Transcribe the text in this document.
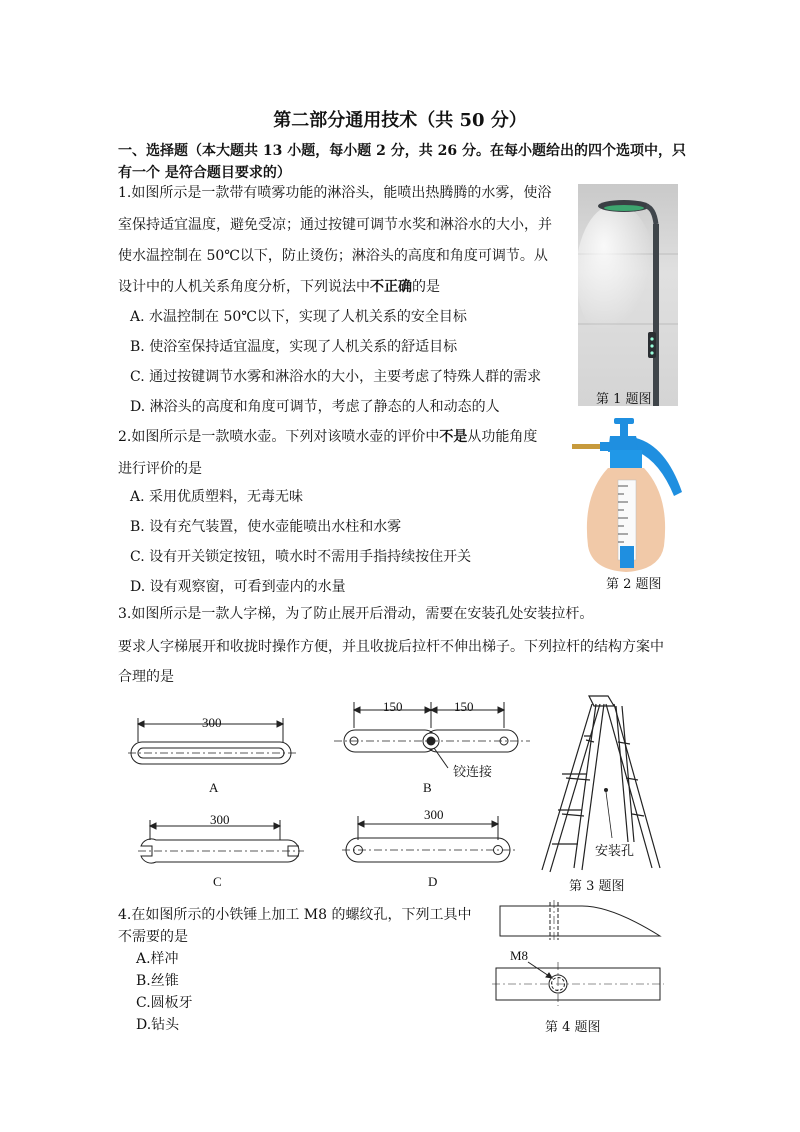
第二部分通用技术（共 50 分）
一、选择题（本大题共 13 小题，每小题 2 分，共 26 分。在每小题给出的四个选项中，只有一个 是符合题目要求的）
1.如图所示是一款带有喷雾功能的淋浴头，能喷出热腾腾的水雾，使浴
室保持适宜温度，避免受凉；通过按键可调节水奖和淋浴水的大小，并
使水温控制在 50℃以下，防止烫伤；淋浴头的高度和角度可调节。从
设计中的人机关系角度分析，下列说法中不正确的是
A. 水温控制在 50℃以下，实现了人机关系的安全目标
B. 使浴室保持适宜温度，实现了人机关系的舒适目标
C. 通过按键调节水雾和淋浴水的大小，主要考虑了特殊人群的需求
D. 淋浴头的高度和角度可调节，考虑了静态的人和动态的人	第 1 题图
2.如图所示是一款喷水壶。下列对该喷水壶的评价中不是从功能角度
进行评价的是
A. 采用优质塑料，无毒无味
B. 设有充气装置，使水壶能喷出水柱和水雾
C. 设有开关锁定按钮，喷水时不需用手指持续按住开关
D. 设有观察窗，可看到壶内的水量	第 2 题图
3.如图所示是一款人字梯，为了防止展开后滑动，需要在安装孔处安装拉杆。
要求人字梯展开和收拢时操作方便，并且收拢后拉杆不伸出梯子。下列拉杆的结构方案中
合理的是
300
A
150	150
铰连接
B
300
C
300
D
安装孔
第 3 题图
4.在如图所示的小铁锤上加工 M8 的螺纹孔，下列工具中
不需要的是
A.样冲
B.丝锥
C.圆板牙
D.钻头
M8
第 4 题图
